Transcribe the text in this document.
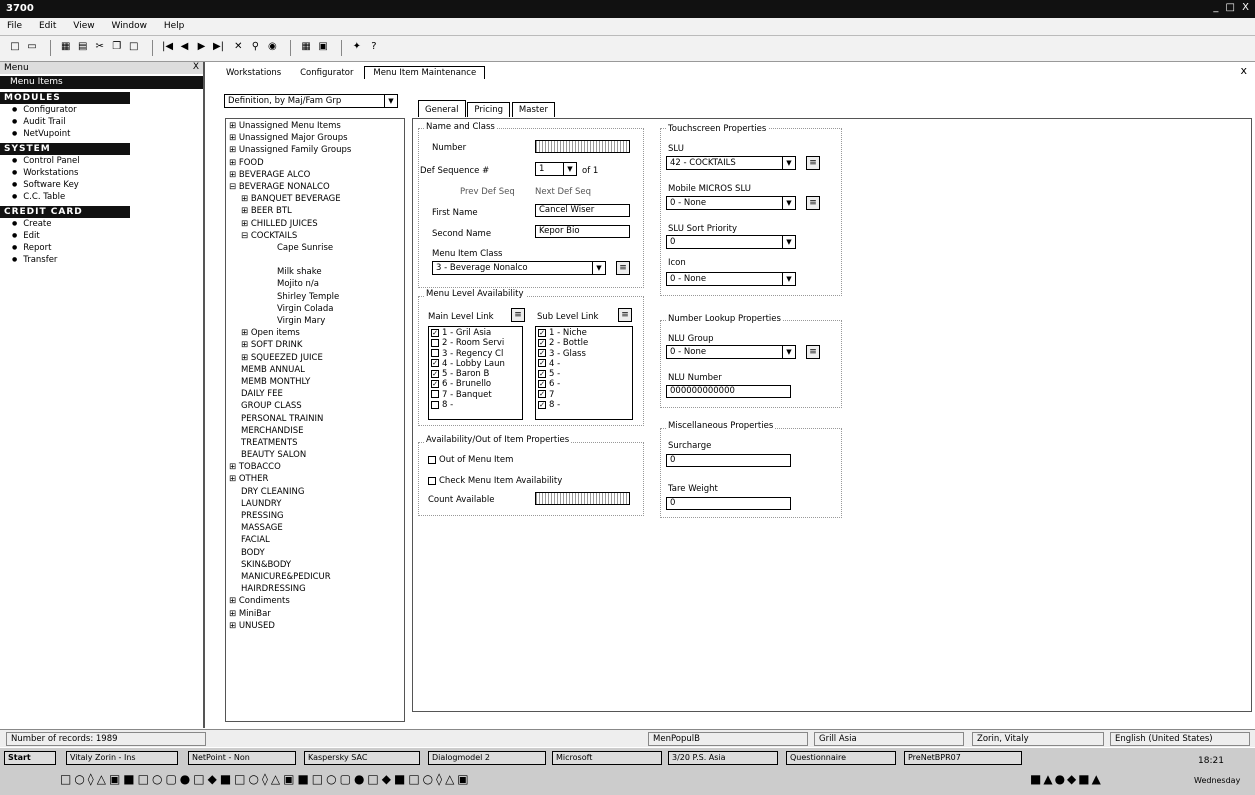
3700	_ □ X
File Edit View Window Help
□ ▭ ▦ ▤ ✂ ❐ □ |◀ ◀ ▶ ▶| ✕ ⚲ ◉ ▦ ▣ ✦ ?
Menu	X
Menu Items
MODULES
● Configurator
● Audit Trail
● NetVupoint
SYSTEM
● Control Panel
● Workstations
● Software Key
● C.C. Table
CREDIT CARD
● Create
● Edit
● Report
● Transfer
Workstations Configurator Menu Item Maintenance	x
Definition, by Maj/Fam Grp ▼
⊞ Unassigned Menu Items
⊞ Unassigned Major Groups
⊞ Unassigned Family Groups
⊞ FOOD
⊞ BEVERAGE ALCO
⊟ BEVERAGE NONALCO
⊞ BANQUET BEVERAGE
⊞ BEER BTL
⊞ CHILLED JUICES
⊟ COCKTAILS
Cape Sunrise
Milk shake
Mojito n/a
Shirley Temple
Virgin Colada
Virgin Mary
⊞ Open items
⊞ SOFT DRINK
⊞ SQUEEZED JUICE
MEMB ANNUAL
MEMB MONTHLY
DAILY FEE
GROUP CLASS
PERSONAL TRAININ
MERCHANDISE
TREATMENTS
BEAUTY SALON
⊞ TOBACCO
⊞ OTHER
DRY CLEANING
LAUNDRY
PRESSING
MASSAGE
FACIAL
BODY
SKIN&BODY
MANICURE&PEDICUR
HAIRDRESSING
⊞ Condiments
⊞ MiniBar
⊞ UNUSED
General Pricing Master
Name and Class
Number
Def Sequence #	1 ▼	of 1
Prev Def Seq Next Def Seq
First Name	Cancel Wiser
Second Name	Kepor Bio
Menu Item Class
3 - Beverage Nonalco ▼	≡
Menu Level Availability
Main Level Link	≡	Sub Level Link	≡
✓ 1 - Gril Asia
2 - Room Servi
3 - Regency Cl
✓ 4 - Lobby Laun
✓ 5 - Baron B
✓ 6 - Brunello
7 - Banquet
8 -
✓ 1 - Niche
✓ 2 - Bottle
✓ 3 - Glass
✓ 4 -
✓ 5 -
✓ 6 -
✓ 7
✓ 8 -
Availability/Out of Item Properties
Out of Menu Item
Check Menu Item Availability
Count Available
Touchscreen Properties
SLU
42 - COCKTAILS ▼	≡
Mobile MICROS SLU
0 - None ▼	≡
SLU Sort Priority
0 ▼
Icon
0 - None ▼
Number Lookup Properties
NLU Group
0 - None ▼	≡
NLU Number
000000000000
Miscellaneous Properties
Surcharge
0
Tare Weight
0
Number of records: 1989	MenPopulB	Grill Asia	Zorin, Vitaly	English (United States)
Start	Vitaly Zorin - Ins	NetPoint - Non	Kaspersky SAC	Dialogmodel 2	Microsoft	3/20 P.S. Asia	Questionnaire	PreNetBPR07
□○◊△▣■□○▢●□◆■□○◊△▣■□○▢●□◆■□○◊△▣	■▲●◆■▲
18:21
Wednesday
